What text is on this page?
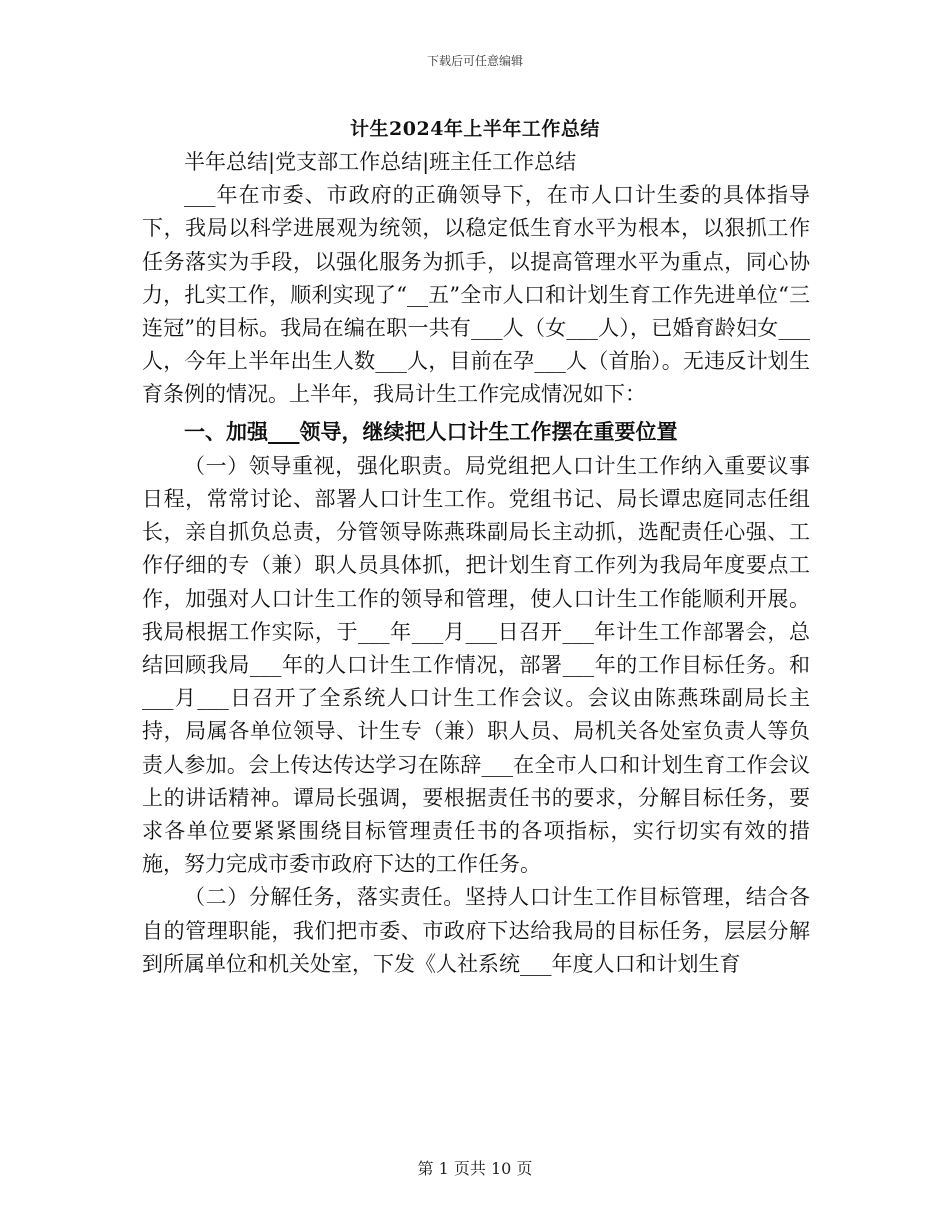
下载后可任意编辑
计生2024年上半年工作总结

半年总结|党支部工作总结|班主任工作总结

___年在市委、市政府的正确领导下，在市人口计生委的具体指导下，我局以科学进展观为统领，以稳定低生育水平为根本，以狠抓工作任务落实为手段，以强化服务为抓手，以提高管理水平为重点，同心协力，扎实工作，顺利实现了“__五”全市人口和计划生育工作先进单位“三连冠”的目标。我局在编在职一共有___人（女___人），已婚育龄妇女___人，今年上半年出生人数___人，目前在孕___人（首胎）。无违反计划生育条例的情况。上半年，我局计生工作完成情况如下：

一、加强___领导，继续把人口计生工作摆在重要位置

（一）领导重视，强化职责。局党组把人口计生工作纳入重要议事日程，常常讨论、部署人口计生工作。党组书记、局长谭忠庭同志任组长，亲自抓负总责，分管领导陈燕珠副局长主动抓，选配责任心强、工作仔细的专（兼）职人员具体抓，把计划生育工作列为我局年度要点工作，加强对人口计生工作的领导和管理，使人口计生工作能顺利开展。我局根据工作实际，于___年___月___日召开___年计生工作部署会，总结回顾我局___年的人口计生工作情况，部署___年的工作目标任务。和___月___日召开了全系统人口计生工作会议。会议由陈燕珠副局长主持，局属各单位领导、计生专（兼）职人员、局机关各处室负责人等负责人参加。会上传达传达学习在陈辞___在全市人口和计划生育工作会议上的讲话精神。谭局长强调，要根据责任书的要求，分解目标任务，要求各单位要紧紧围绕目标管理责任书的各项指标，实行切实有效的措施，努力完成市委市政府下达的工作任务。

（二）分解任务，落实责任。坚持人口计生工作目标管理，结合各自的管理职能，我们把市委、市政府下达给我局的目标任务，层层分解到所属单位和机关处室，下发《人社系统___年度人口和计划生育

第 1 页共 10 页
